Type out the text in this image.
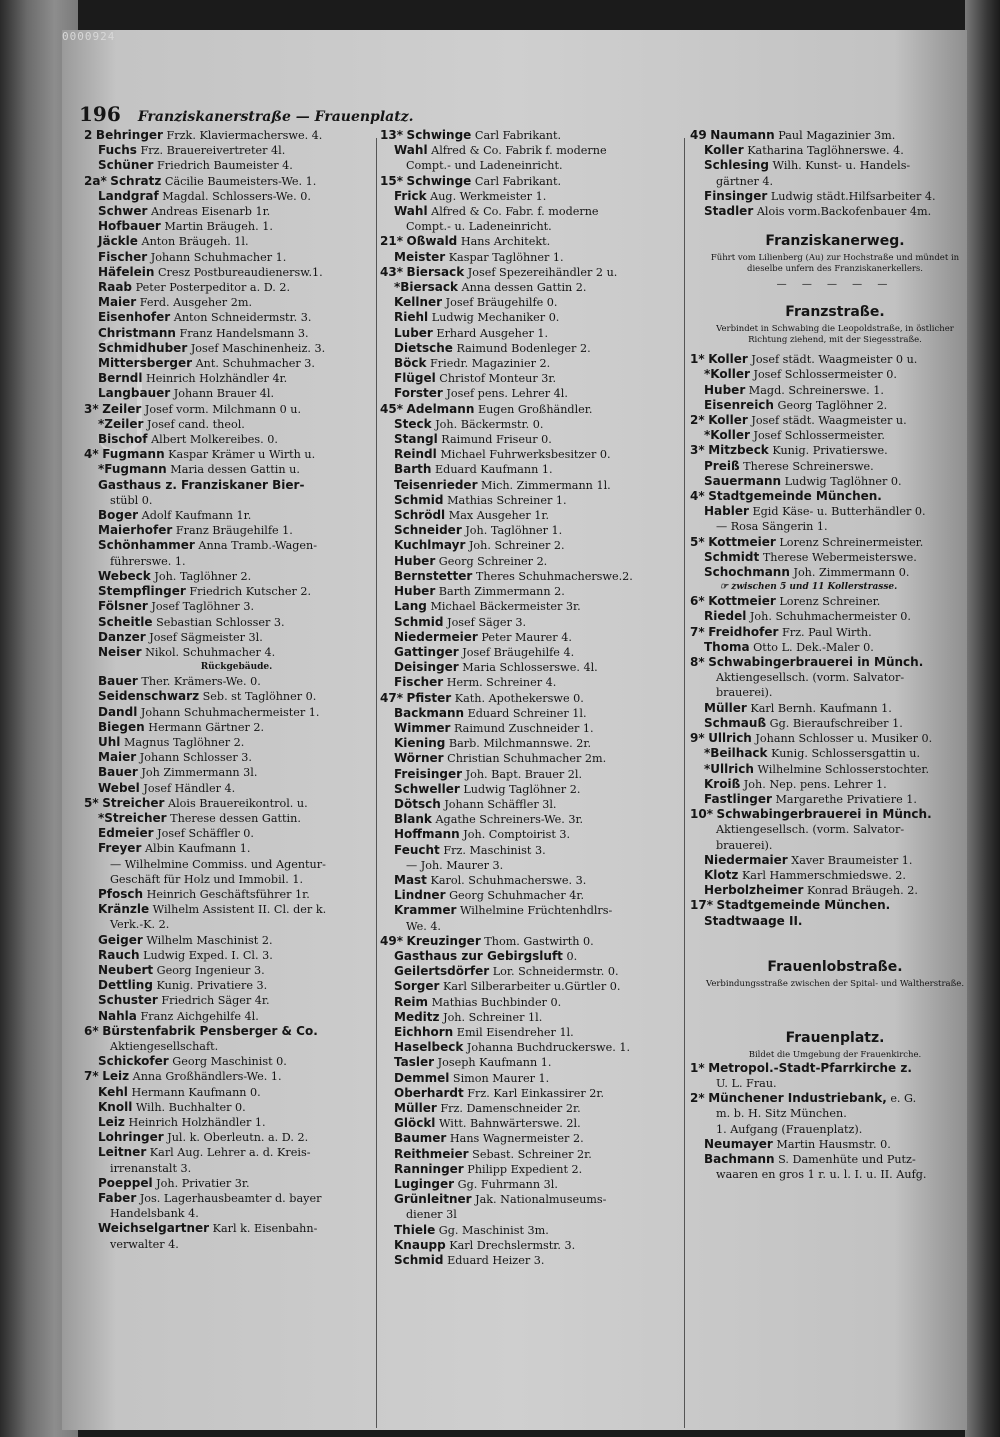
0000924
196 Franziskanerstraße — Frauenplatz.
2 Behringer Frzk. Klaviermachersᴡe. 4.
Fuchs Frz. Brauereivertreter 4l.
Schüner Friedrich Baumeister 4.
2a* Schratz Cäcilie Baumeisters-We. 1.
Landgraf Magdal. Schlossers-We. 0.
Schwer Andreas Eisenarb 1r.
Hofbauer Martin Bräugeh. 1.
Jäckle Anton Bräugeh. 1l.
Fischer Johann Schuhmacher 1.
Häfelein Cresz Postbureaudienersw.1.
Raab Peter Posterpeditor a. D. 2.
Maier Ferd. Ausgeher 2m.
Eisenhofer Anton Schneidermstr. 3.
Christmann Franz Handelsmann 3.
Schmidhuber Josef Maschinenheiz. 3.
Mittersberger Ant. Schuhmacher 3.
Berndl Heinrich Holzhändler 4r.
Langbauer Johann Brauer 4l.
3* Zeiler Josef vorm. Milchmann 0 u.
*Zeiler Josef cand. theol.
Bischof Albert Molkereibes. 0.
4* Fugmann Kaspar Krämer u Wirth u.
*Fugmann Maria dessen Gattin u.
Gasthaus z. Franziskaner Bier-
stübl 0.
Boger Adolf Kaufmann 1r.
Maierhofer Franz Bräugehilfe 1.
Schönhammer Anna Tramb.-Wagen-
führerswe. 1.
Webeck Joh. Taglöhner 2.
Stempflinger Friedrich Kutscher 2.
Fölsner Josef Taglöhner 3.
Scheitle Sebastian Schlosser 3.
Danzer Josef Sägmeister 3l.
Neiser Nikol. Schuhmacher 4.
Rückgebäude.
Bauer Ther. Krämers-We. 0.
Seidenschwarz Seb. st Taglöhner 0.
Dandl Johann Schuhmachermeister 1.
Biegen Hermann Gärtner 2.
Uhl Magnus Taglöhner 2.
Maier Johann Schlosser 3.
Bauer Joh Zimmermann 3l.
Webel Josef Händler 4.
5* Streicher Alois Brauereikontrol. u.
*Streicher Therese dessen Gattin.
Edmeier Josef Schäffler 0.
Freyer Albin Kaufmann 1.
— Wilhelmine Commiss. und Agentur-
Geschäft für Holz und Immobil. 1.
Pfosch Heinrich Geschäftsführer 1r.
Kränzle Wilhelm Assistent II. Cl. der k.
Verk.-K. 2.
Geiger Wilhelm Maschinist 2.
Rauch Ludwig Exped. I. Cl. 3.
Neubert Georg Ingenieur 3.
Dettling Kunig. Privatiere 3.
Schuster Friedrich Säger 4r.
Nahla Franz Aichgehilfe 4l.
6* Bürstenfabrik Pensberger & Co.
Aktiengesellschaft.
Schickofer Georg Maschinist 0.
7* Leiz Anna Großhändlers-We. 1.
Kehl Hermann Kaufmann 0.
Knoll Wilh. Buchhalter 0.
Leiz Heinrich Holzhändler 1.
Lohringer Jul. k. Oberleutn. a. D. 2.
Leitner Karl Aug. Lehrer a. d. Kreis-
irrenanstalt 3.
Poeppel Joh. Privatier 3r.
Faber Jos. Lagerhausbeamter d. bayer
Handelsbank 4.
Weichselgartner Karl k. Eisenbahn-
verwalter 4.
13* Schwinge Carl Fabrikant.
Wahl Alfred & Co. Fabrik f. moderne
Compt.- und Ladeneinricht.
15* Schwinge Carl Fabrikant.
Frick Aug. Werkmeister 1.
Wahl Alfred & Co. Fabr. f. moderne
Compt.- u. Ladeneinricht.
21* Oßwald Hans Architekt.
Meister Kaspar Taglöhner 1.
43* Biersack Josef Spezereihändler 2 u.
*Biersack Anna dessen Gattin 2.
Kellner Josef Bräugehilfe 0.
Riehl Ludwig Mechaniker 0.
Luber Erhard Ausgeher 1.
Dietsche Raimund Bodenleger 2.
Böck Friedr. Magazinier 2.
Flügel Christof Monteur 3r.
Forster Josef pens. Lehrer 4l.
45* Adelmann Eugen Großhändler.
Steck Joh. Bäckermstr. 0.
Stangl Raimund Friseur 0.
Reindl Michael Fuhrwerksbesitzer 0.
Barth Eduard Kaufmann 1.
Teisenrieder Mich. Zimmermann 1l.
Schmid Mathias Schreiner 1.
Schrödl Max Ausgeher 1r.
Schneider Joh. Taglöhner 1.
Kuchlmayr Joh. Schreiner 2.
Huber Georg Schreiner 2.
Bernstetter Theres Schuhmacherswe.2.
Huber Barth Zimmermann 2.
Lang Michael Bäckermeister 3r.
Schmid Josef Säger 3.
Niedermeier Peter Maurer 4.
Gattinger Josef Bräugehilfe 4.
Deisinger Maria Schlosserswe. 4l.
Fischer Herm. Schreiner 4.
47* Pfister Kath. Apothekerswe 0.
Backmann Eduard Schreiner 1l.
Wimmer Raimund Zuschneider 1.
Kiening Barb. Milchmannswe. 2r.
Wörner Christian Schuhmacher 2m.
Freisinger Joh. Bapt. Brauer 2l.
Schweller Ludwig Taglöhner 2.
Dötsch Johann Schäffler 3l.
Blank Agathe Schreiners-We. 3r.
Hoffmann Joh. Comptoirist 3.
Feucht Frz. Maschinist 3.
— Joh. Maurer 3.
Mast Karol. Schuhmacherswe. 3.
Lindner Georg Schuhmacher 4r.
Krammer Wilhelmine Früchtenhdlrs-
We. 4.
49* Kreuzinger Thom. Gastwirth 0.
Gasthaus zur Gebirgsluft 0.
Geilertsdörfer Lor. Schneidermstr. 0.
Sorger Karl Silberarbeiter u.Gürtler 0.
Reim Mathias Buchbinder 0.
Meditz Joh. Schreiner 1l.
Eichhorn Emil Eisendreher 1l.
Haselbeck Johanna Buchdruckerswe. 1.
Tasler Joseph Kaufmann 1.
Demmel Simon Maurer 1.
Oberhardt Frz. Karl Einkassirer 2r.
Müller Frz. Damenschneider 2r.
Glöckl Witt. Bahnwärterswe. 2l.
Baumer Hans Wagnermeister 2.
Reithmeier Sebast. Schreiner 2r.
Ranninger Philipp Expedient 2.
Luginger Gg. Fuhrmann 3l.
Grünleitner Jak. Nationalmuseums-
diener 3l
Thiele Gg. Maschinist 3m.
Knaupp Karl Drechslermstr. 3.
Schmid Eduard Heizer 3.
49 Naumann Paul Magazinier 3m.
Koller Katharina Taglöhnerswe. 4.
Schlesing Wilh. Kunst- u. Handels-
gärtner 4.
Finsinger Ludwig städt.Hilfsarbeiter 4.
Stadler Alois vorm.Backofenbauer 4m.
Franziskanerweg.
Führt vom Lilienberg (Au) zur Hochstraße und mündet in dieselbe unfern des Franziskanerkellers.
— — — — —
Franzstraße.
Verbindet in Schwabing die Leopoldstraße, in östlicher Richtung ziehend, mit der Siegesstraße.
1* Koller Josef städt. Waagmeister 0 u.
*Koller Josef Schlossermeister 0.
Huber Magd. Schreinerswe. 1.
Eisenreich Georg Taglöhner 2.
2* Koller Josef städt. Waagmeister u.
*Koller Josef Schlossermeister.
3* Mitzbeck Kunig. Privatierswe.
Preiß Therese Schreinerswe.
Sauermann Ludwig Taglöhner 0.
4* Stadtgemeinde München.
Habler Egid Käse- u. Butterhändler 0.
— Rosa Sängerin 1.
5* Kottmeier Lorenz Schreinermeister.
Schmidt Therese Webermeisterswe.
Schochmann Joh. Zimmermann 0.
☞ zwischen 5 und 11 Kollerstrasse.
6* Kottmeier Lorenz Schreiner.
Riedel Joh. Schuhmachermeister 0.
7* Freidhofer Frz. Paul Wirth.
Thoma Otto L. Dek.-Maler 0.
8* Schwabingerbrauerei in Münch.
Aktiengesellsch. (vorm. Salvator-
brauerei).
Müller Karl Bernh. Kaufmann 1.
Schmauß Gg. Bieraufschreiber 1.
9* Ullrich Johann Schlosser u. Musiker 0.
*Beilhack Kunig. Schlossersgattin u.
*Ullrich Wilhelmine Schlosserstochter.
Kroiß Joh. Nep. pens. Lehrer 1.
Fastlinger Margarethe Privatiere 1.
10* Schwabingerbrauerei in Münch.
Aktiengesellsch. (vorm. Salvator-
brauerei).
Niedermaier Xaver Braumeister 1.
Klotz Karl Hammerschmiedswe. 2.
Herbolzheimer Konrad Bräugeh. 2.
17* Stadtgemeinde München.
Stadtwaage II.
Frauenlobstraße.
Verbindungsstraße zwischen der Spital- und Waltherstraße.
Frauenplatz.
Bildet die Umgebung der Frauenkirche.
1* Metropol.-Stadt-Pfarrkirche z.
U. L. Frau.
2* Münchener Industriebank, e. G.
m. b. H. Sitz München.
1. Aufgang (Frauenplatz).
Neumayer Martin Hausmstr. 0.
Bachmann S. Damenhüte und Putz-
waaren en gros 1 r. u. l. I. u. II. Aufg.
